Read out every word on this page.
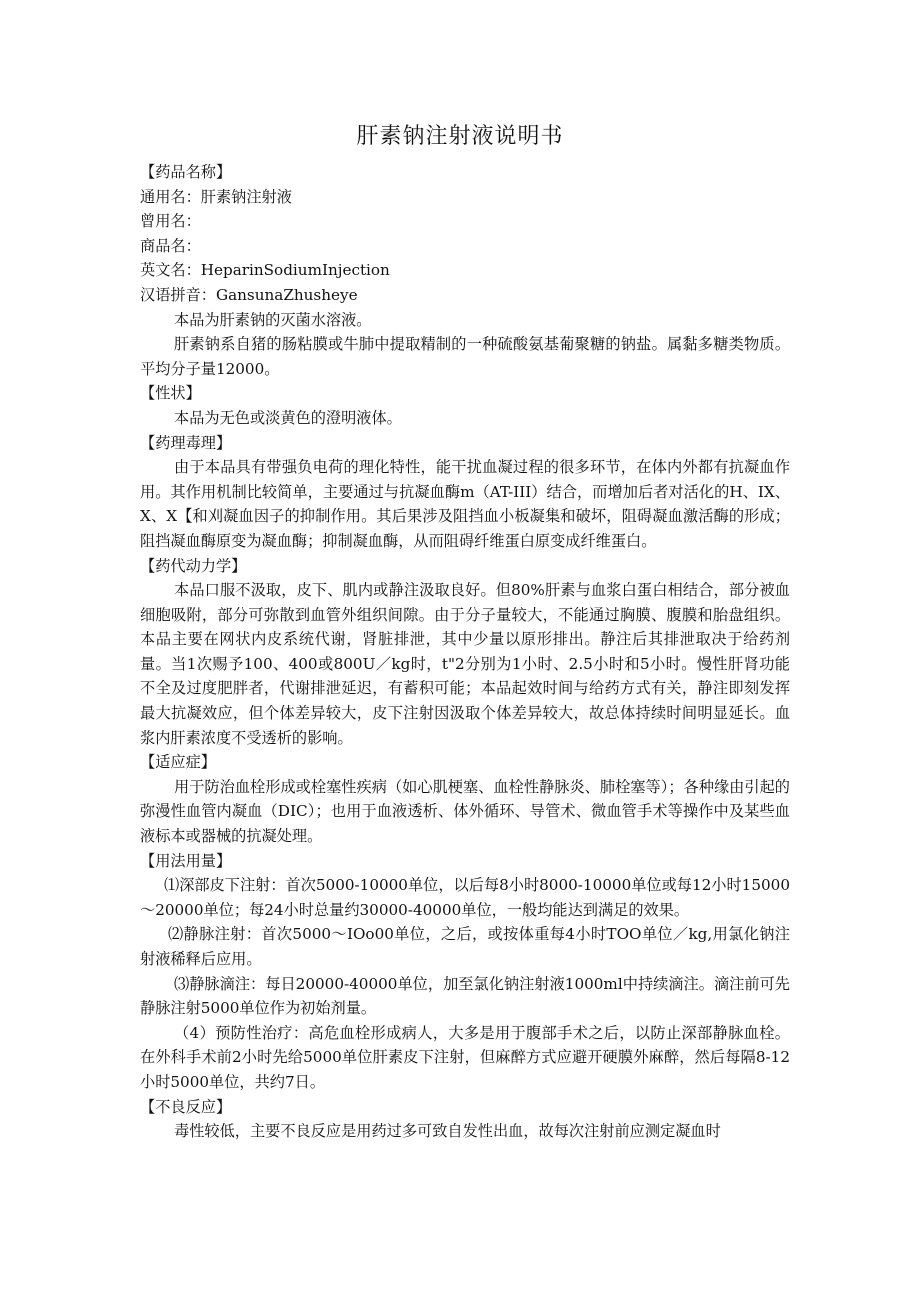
肝素钠注射液说明书

【药品名称】

通用名：肝素钠注射液

曾用名：

商品名：

英文名：HeparinSodiumInjection

汉语拼音：GansunaZhusheye

本品为肝素钠的灭菌水溶液。

肝素钠系自猪的肠粘膜或牛肺中提取精制的一种硫酸氨基葡聚糖的钠盐。属黏多糖类物质。平均分子量12000。

【性状】

本品为无色或淡黄色的澄明液体。

【药理毒理】

由于本品具有带强负电荷的理化特性，能干扰血凝过程的很多环节，在体内外都有抗凝血作用。其作用机制比较简单，主要通过与抗凝血酶m（AT-III）结合，而增加后者对活化的H、IX、X、X【和刈凝血因子的抑制作用。其后果涉及阻挡血小板凝集和破坏，阻碍凝血激活酶的形成；阻挡凝血酶原变为凝血酶；抑制凝血酶，从而阻碍纤维蛋白原变成纤维蛋白。

【药代动力学】

本品口服不汲取，皮下、肌内或静注汲取良好。但80%肝素与血浆白蛋白相结合，部分被血细胞吸附，部分可弥散到血管外组织间隙。由于分子量较大，不能通过胸膜、腹膜和胎盘组织。本品主要在网状内皮系统代谢，肾脏排泄，其中少量以原形排出。静注后其排泄取决于给药剂量。当1次赐予100、400或800U／kg时，t"2分别为1小时、2.5小时和5小时。慢性肝肾功能不全及过度肥胖者，代谢排泄延迟，有蓄积可能；本品起效时间与给药方式有关，静注即刻发挥最大抗凝效应，但个体差异较大，皮下注射因汲取个体差异较大，故总体持续时间明显延长。血浆内肝素浓度不受透析的影响。

【适应症】

用于防治血栓形成或栓塞性疾病（如心肌梗塞、血栓性静脉炎、肺栓塞等）；各种缘由引起的弥漫性血管内凝血（DIC）；也用于血液透析、体外循环、导管术、微血管手术等操作中及某些血液标本或器械的抗凝处理。

【用法用量】

⑴深部皮下注射：首次5000-10000单位，以后每8小时8000-10000单位或每12小时15000～20000单位；每24小时总量约30000-40000单位，一般均能达到满足的效果。

⑵静脉注射：首次5000～IOo00单位，之后，或按体重每4小时TOO单位／kg,用氯化钠注射液稀释后应用。

⑶静脉滴注：每日20000-40000单位，加至氯化钠注射液1000ml中持续滴注。滴注前可先静脉注射5000单位作为初始剂量。

（4）预防性治疗：高危血栓形成病人，大多是用于腹部手术之后，以防止深部静脉血栓。在外科手术前2小时先给5000单位肝素皮下注射，但麻醉方式应避开硬膜外麻醉，然后每隔8-12小时5000单位，共约7日。

【不良反应】

毒性较低，主要不良反应是用药过多可致自发性出血，故每次注射前应测定凝血时
